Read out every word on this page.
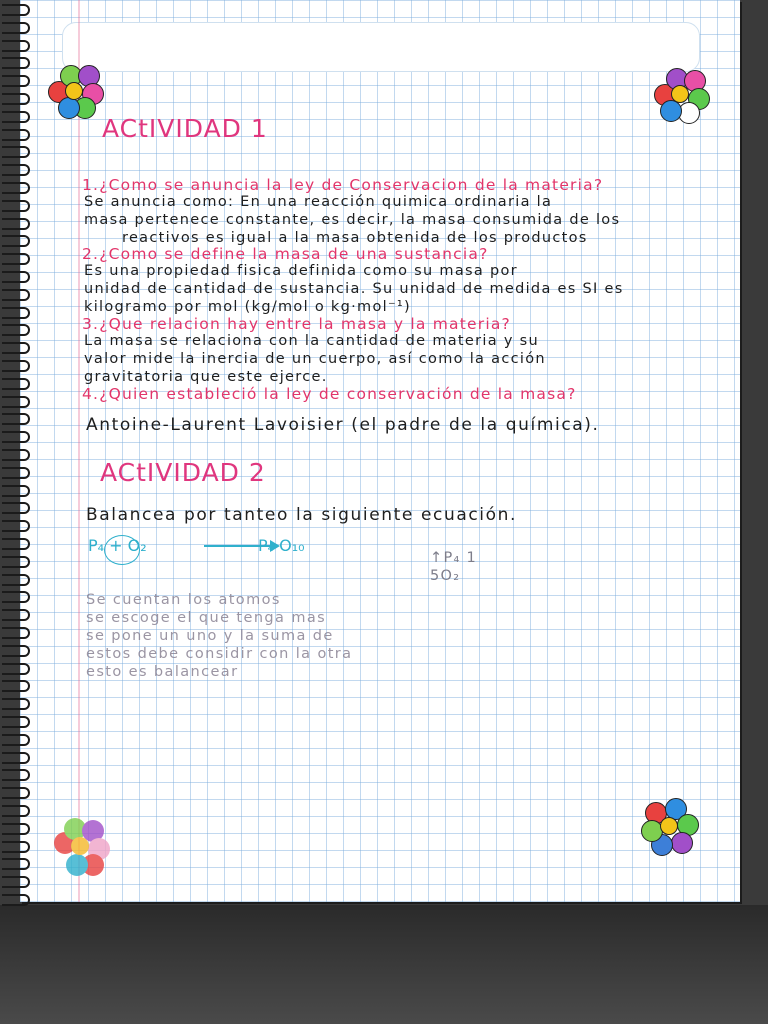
ACtIVIDAD 1
1.¿Como se anuncia la ley de Conservacion de la materia?
Se anuncia como: En una reacción quimica ordinaria la
masa pertenece constante, es decir, la masa consumida de los
reactivos es igual a la masa obtenida de los productos
2.¿Como se define la masa de una sustancia?
Es una propiedad fisica definida como su masa por
unidad de cantidad de sustancia. Su unidad de medida es SI es
kilogramo por mol (kg/mol o kg·mol⁻¹)
3.¿Que relacion hay entre la masa y la materia?
La masa se relaciona con la cantidad de materia y su
valor mide la inercia de un cuerpo, así como la acción
gravitatoria que este ejerce.
4.¿Quien estableció la ley de conservación de la masa?
Antoine-Laurent Lavoisier (el padre de la química).
ACtIVIDAD 2
Balancea por tanteo la siguiente ecuación.
P₄ + O₂	P₄ O₁₀
↑P₄ 1
5O₂
Se cuentan los atomos
se escoge el que tenga mas
se pone un uno y la suma de
estos debe considir con la otra
esto es balancear
